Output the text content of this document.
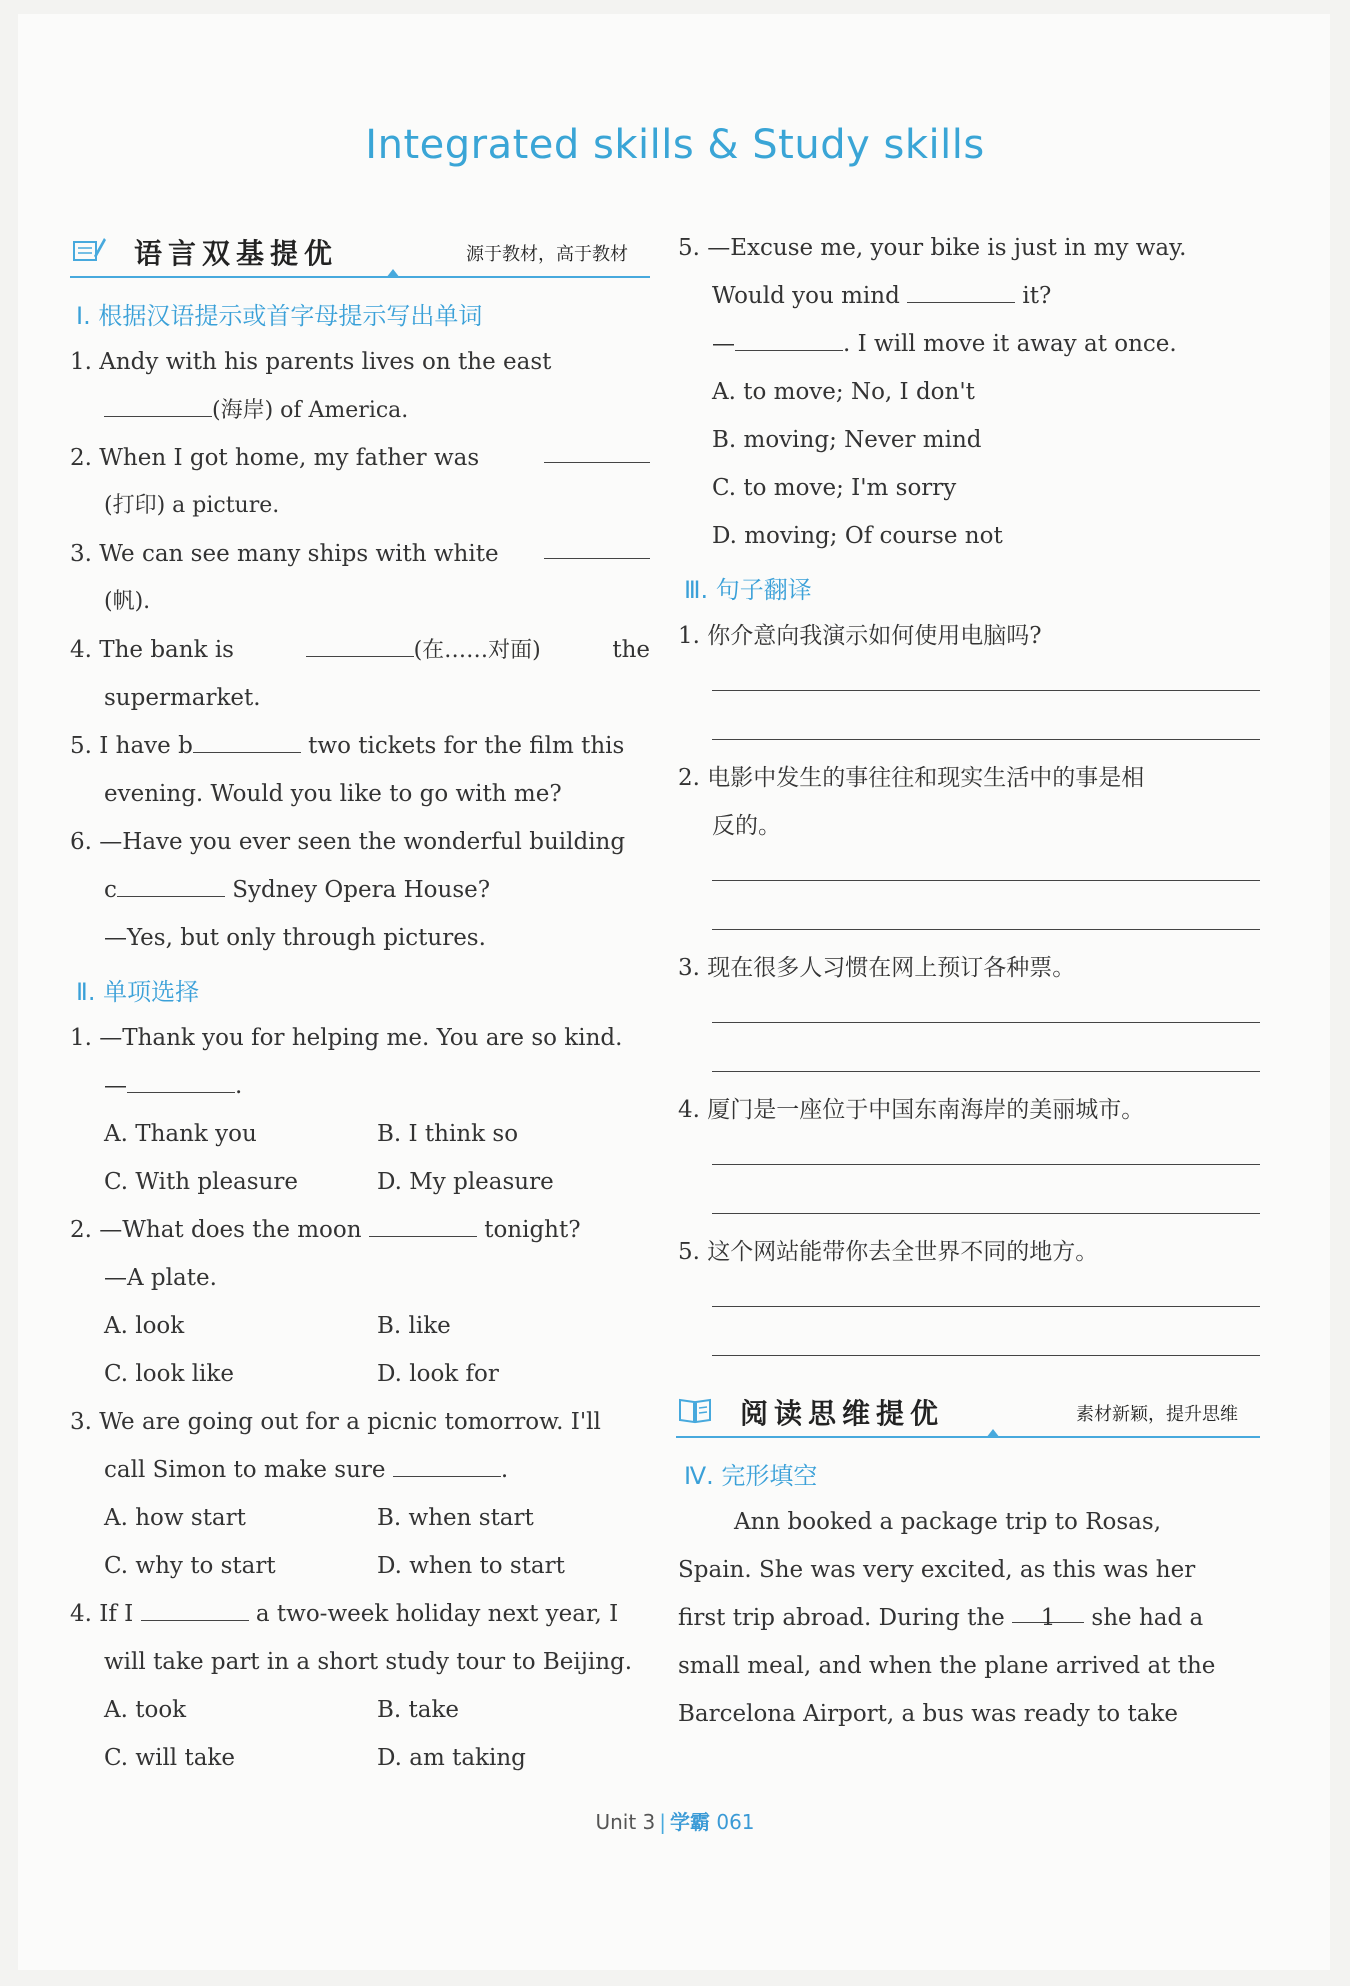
Integrated skills & Study skills
语言双基提优	源于教材，高于教材
Ⅰ. 根据汉语提示或首字母提示写出单词
1. Andy with his parents lives on the east
(海岸) of America.
2. When I got home, my father was
(打印) a picture.
3. We can see many ships with white
(帆).
4. The bank is	(在……对面)	the
supermarket.
5. I have b	two tickets for the film this
evening. Would you like to go with me?
6. —Have you ever seen the wonderful building
c	Sydney Opera House?
—Yes, but only through pictures.
Ⅱ. 单项选择
1. —Thank you for helping me. You are so kind.
—	.
A. Thank you	B. I think so
C. With pleasure	D. My pleasure
2. —What does the moon	tonight?
—A plate.
A. look	B. like
C. look like	D. look for
3. We are going out for a picnic tomorrow. I'll
call Simon to make sure	.
A. how start	B. when start
C. why to start	D. when to start
4. If I	a two-week holiday next year, I
will take part in a short study tour to Beijing.
A. took	B. take
C. will take	D. am taking
5. —Excuse me, your bike is just in my way.
Would you mind	it?
—	. I will move it away at once.
A. to move; No, I don't
B. moving; Never mind
C. to move; I'm sorry
D. moving; Of course not
Ⅲ. 句子翻译
1. 你介意向我演示如何使用电脑吗?
2. 电影中发生的事往往和现实生活中的事是相
反的。
3. 现在很多人习惯在网上预订各种票。
4. 厦门是一座位于中国东南海岸的美丽城市。
5. 这个网站能带你去全世界不同的地方。
阅读思维提优	素材新颖，提升思维
Ⅳ. 完形填空
Ann booked a package trip to Rosas,
Spain. She was very excited, as this was her
first trip abroad. During the 1 she had a
small meal, and when the plane arrived at the
Barcelona Airport, a bus was ready to take
Unit 3 | 学霸 061
